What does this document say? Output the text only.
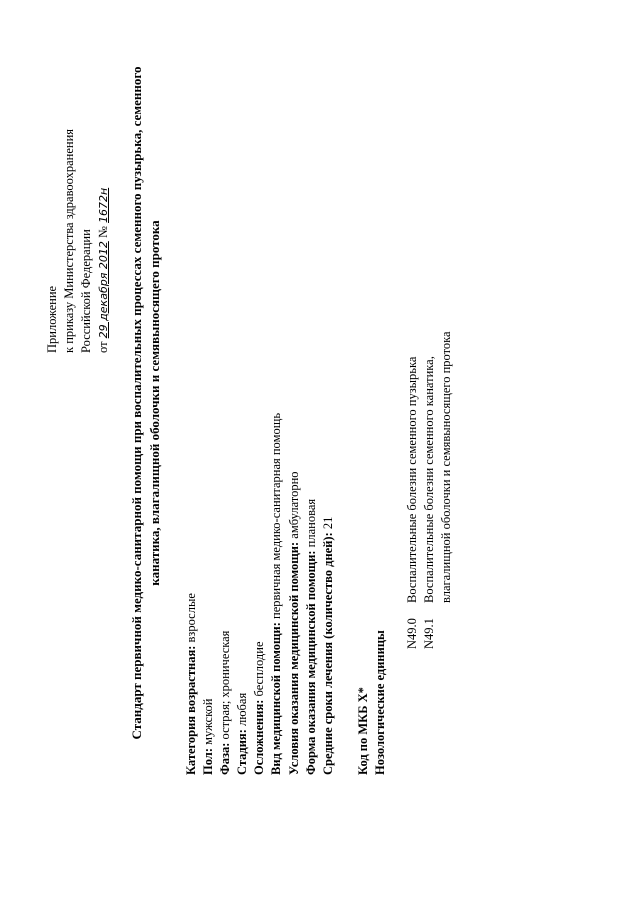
Приложение к приказу Министерства здравоохранения Российской Федерации от 29 декабря 2012 № 1672н Стандарт первичной медико-санитарной помощи при воспалительных процессах семенного пузырька, семенного канатика, влагалищной оболочки и семявыносящего протока
Категория возрастная: взрослые
Пол: мужской
Фаза: острая; хроническая
Стадия: любая Осложнения: бесплодие Вид медицинской помощи: первичная медико-санитарная помощь
Условия оказания медицинской помощи: амбулаторно
Форма оказания медицинской помощи: плановая
Средние сроки лечения (количество дней): 21
Код по МКБ X* Нозологические единицы N49.0
Воспалительные болезни семенного пузырька
N49.1
Воспалительные болезни семенного канатика, влагалищной оболочки и семявыносящего протока
